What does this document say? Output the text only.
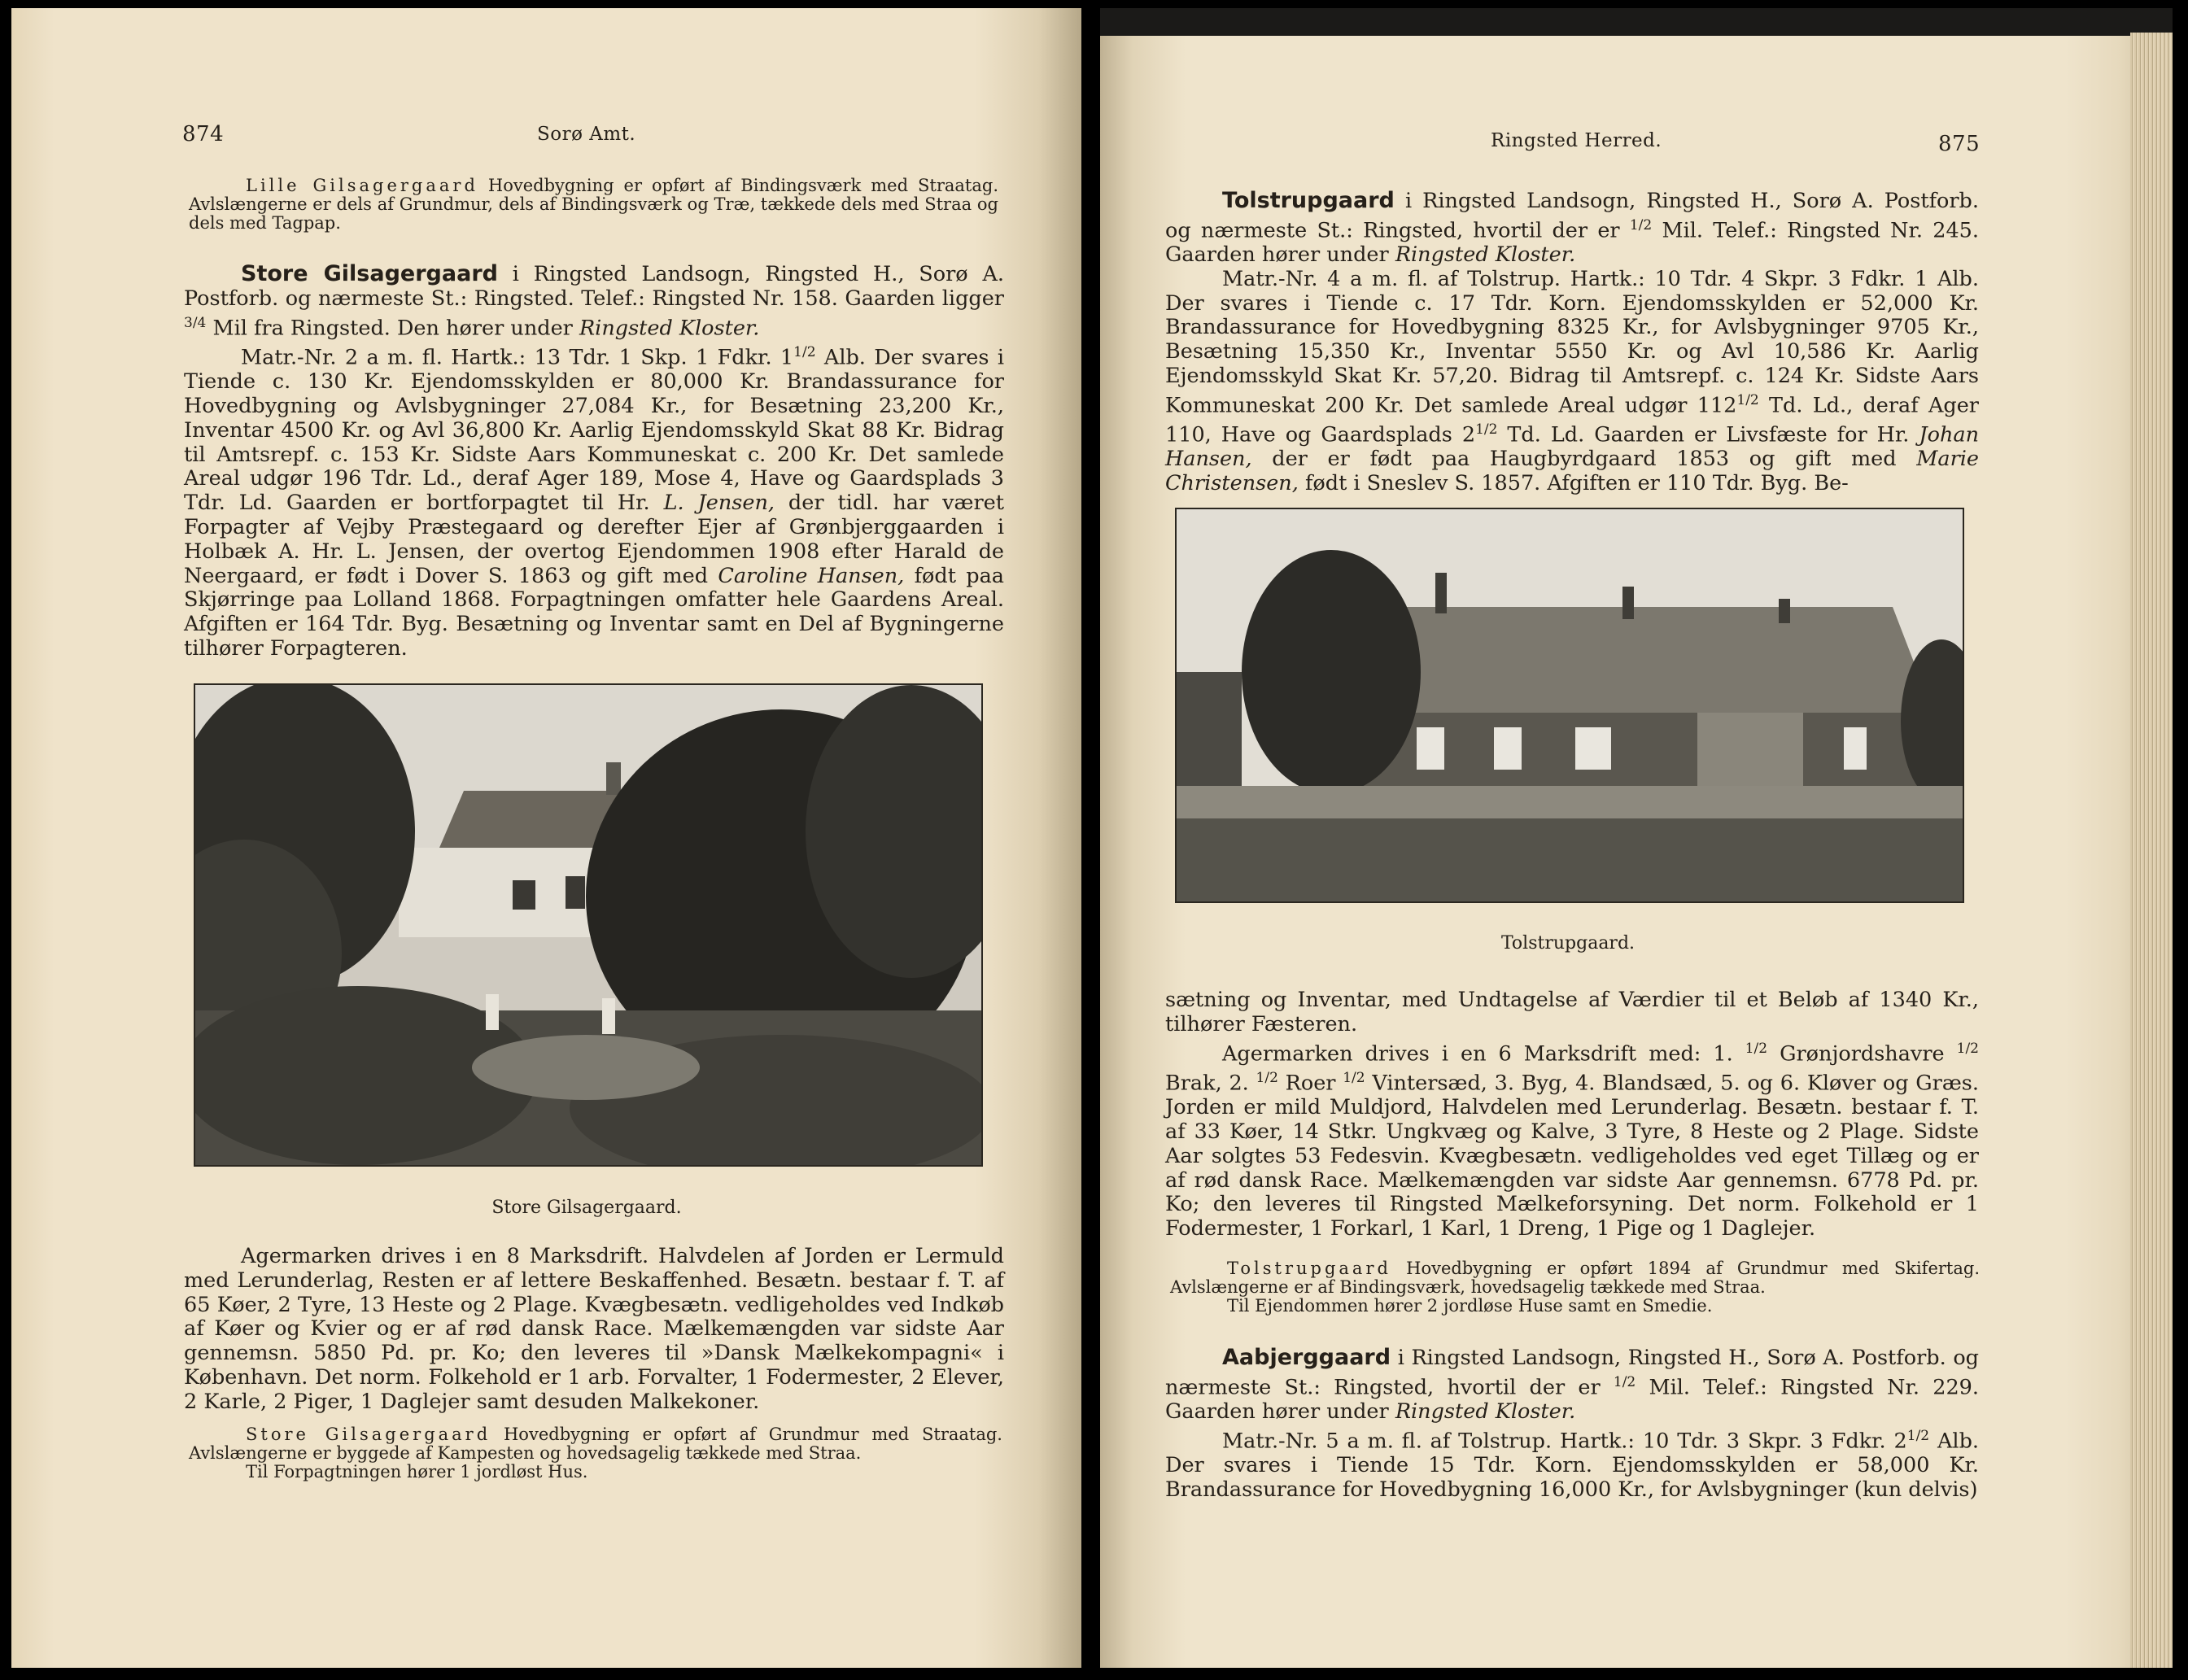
874	Sorø Amt.

Lille Gilsagergaard Hovedbygning er opført af Bindingsværk med Straatag. Avlslængerne er dels af Grundmur, dels af Bindingsværk og Træ, tækkede dels med Straa og dels med Tagpap.

Store Gilsagergaard i Ringsted Landsogn, Ringsted H., Sorø A. Postforb. og nærmeste St.: Ringsted. Telef.: Ringsted Nr. 158. Gaarden ligger $^{3/4}$ Mil fra Ringsted. Den hører under Ringsted Kloster.

Matr.-Nr. 2 a m. fl. Hartk.: 13 Tdr. 1 Skp. 1 Fdkr. $1^{1/2}$ Alb. Der svares i Tiende c. 130 Kr. Ejendomsskylden er 80,000 Kr. Brandassurance for Hovedbygning og Avlsbygninger 27,084 Kr., for Besætning 23,200 Kr., Inventar 4500 Kr. og Avl 36,800 Kr. Aarlig Ejendomsskyld Skat 88 Kr. Bidrag til Amtsrepf. c. 153 Kr. Sidste Aars Kommuneskat c. 200 Kr. Det samlede Areal udgør 196 Tdr. Ld., deraf Ager 189, Mose 4, Have og Gaardsplads 3 Tdr. Ld. Gaarden er bortforpagtet til Hr. L. Jensen, der tidl. har været Forpagter af Vejby Præstegaard og derefter Ejer af Grønbjerggaarden i Holbæk A. Hr. L. Jensen, der overtog Ejendommen 1908 efter Harald de Neergaard, er født i Dover S. 1863 og gift med Caroline Hansen, født paa Skjørringe paa Lolland 1868. Forpagtningen omfatter hele Gaardens Areal. Afgiften er 164 Tdr. Byg. Besætning og Inventar samt en Del af Bygningerne tilhører Forpagteren.

Store Gilsagergaard.

Agermarken drives i en 8 Marksdrift. Halvdelen af Jorden er Lermuld med Lerunderlag, Resten er af lettere Beskaffenhed. Besætn. bestaar f. T. af 65 Køer, 2 Tyre, 13 Heste og 2 Plage. Kvægbesætn. vedligeholdes ved Indkøb af Køer og Kvier og er af rød dansk Race. Mælkemængden var sidste Aar gennemsn. 5850 Pd. pr. Ko; den leveres til »Dansk Mælkekompagni« i København. Det norm. Folkehold er 1 arb. Forvalter, 1 Fodermester, 2 Elever, 2 Karle, 2 Piger, 1 Daglejer samt desuden Malkekoner.

Store Gilsagergaard Hovedbygning er opført af Grundmur med Straatag. Avlslængerne er byggede af Kampesten og hovedsagelig tækkede med Straa.

Til Forpagtningen hører 1 jordløst Hus.

Ringsted Herred.	875

Tolstrupgaard i Ringsted Landsogn, Ringsted H., Sorø A. Postforb. og nærmeste St.: Ringsted, hvortil der er $^{1/2}$ Mil. Telef.: Ringsted Nr. 245. Gaarden hører under Ringsted Kloster.

Matr.-Nr. 4 a m. fl. af Tolstrup. Hartk.: 10 Tdr. 4 Skpr. 3 Fdkr. 1 Alb. Der svares i Tiende c. 17 Tdr. Korn. Ejendomsskylden er 52,000 Kr. Brandassurance for Hovedbygning 8325 Kr., for Avlsbygninger 9705 Kr., Besætning 15,350 Kr., Inventar 5550 Kr. og Avl 10,586 Kr. Aarlig Ejendomsskyld Skat Kr. 57,20. Bidrag til Amtsrepf. c. 124 Kr. Sidste Aars Kommuneskat 200 Kr. Det samlede Areal udgør $112^{1/2}$ Td. Ld., deraf Ager 110, Have og Gaardsplads $2^{1/2}$ Td. Ld. Gaarden er Livsfæste for Hr. Johan Hansen, der er født paa Haugbyrdgaard 1853 og gift med Marie Christensen, født i Sneslev S. 1857. Afgiften er 110 Tdr. Byg. Be-

Tolstrupgaard.

sætning og Inventar, med Undtagelse af Værdier til et Beløb af 1340 Kr., tilhører Fæsteren.

Agermarken drives i en 6 Marksdrift med: 1. $^{1/2}$ Grønjordshavre $^{1/2}$ Brak, 2. $^{1/2}$ Roer $^{1/2}$ Vintersæd, 3. Byg, 4. Blandsæd, 5. og 6. Kløver og Græs. Jorden er mild Muldjord, Halvdelen med Lerunderlag. Besætn. bestaar f. T. af 33 Køer, 14 Stkr. Ungkvæg og Kalve, 3 Tyre, 8 Heste og 2 Plage. Sidste Aar solgtes 53 Fedesvin. Kvægbesætn. vedligeholdes ved eget Tillæg og er af rød dansk Race. Mælkemængden var sidste Aar gennemsn. 6778 Pd. pr. Ko; den leveres til Ringsted Mælkeforsyning. Det norm. Folkehold er 1 Fodermester, 1 Forkarl, 1 Karl, 1 Dreng, 1 Pige og 1 Daglejer.

Tolstrupgaard Hovedbygning er opført 1894 af Grundmur med Skifertag. Avlslængerne er af Bindingsværk, hovedsagelig tækkede med Straa.

Til Ejendommen hører 2 jordløse Huse samt en Smedie.

Aabjerggaard i Ringsted Landsogn, Ringsted H., Sorø A. Postforb. og nærmeste St.: Ringsted, hvortil der er $^{1/2}$ Mil. Telef.: Ringsted Nr. 229. Gaarden hører under Ringsted Kloster.

Matr.-Nr. 5 a m. fl. af Tolstrup. Hartk.: 10 Tdr. 3 Skpr. 3 Fdkr. $2^{1/2}$ Alb. Der svares i Tiende 15 Tdr. Korn. Ejendomsskylden er 58,000 Kr. Brandassurance for Hovedbygning 16,000 Kr., for Avlsbygninger (kun delvis)
